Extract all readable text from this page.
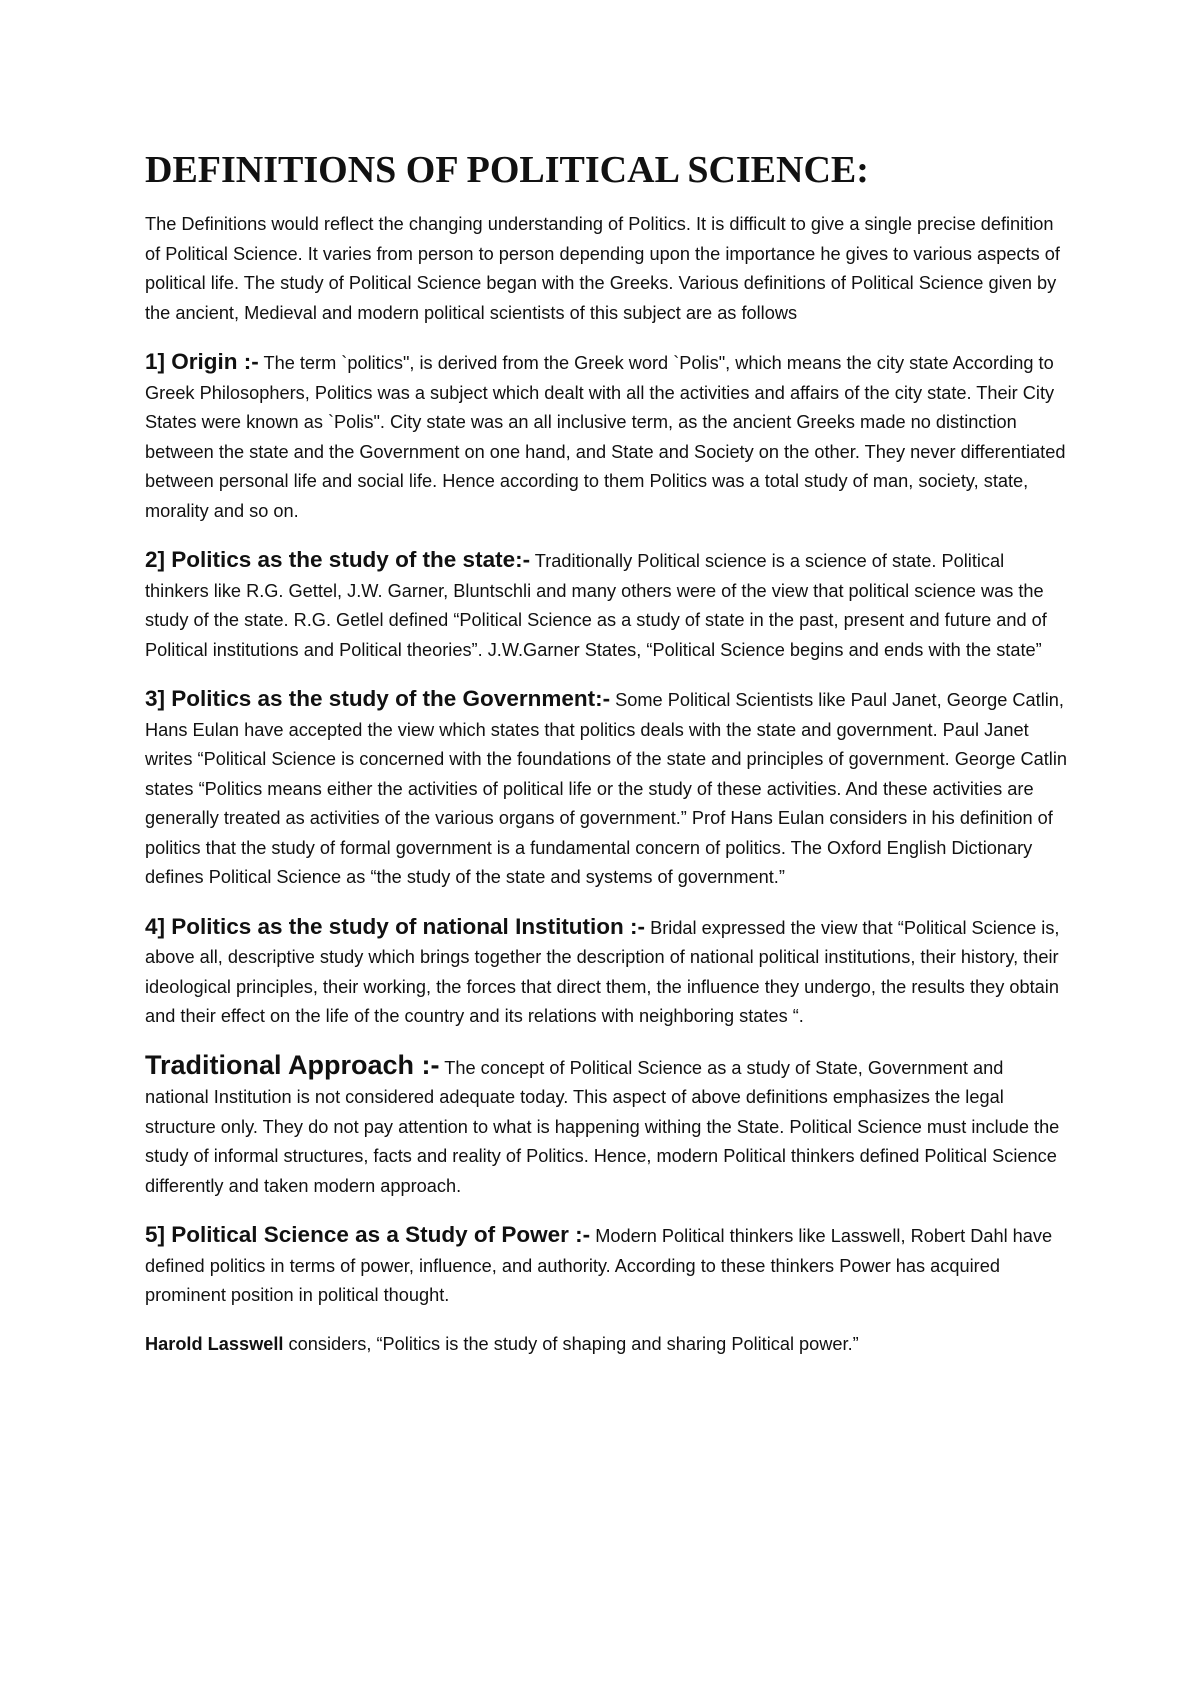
DEFINITIONS OF POLITICAL SCIENCE:

The Definitions would reflect the changing understanding of Politics. It is difficult to give a single precise definition of Political Science. It varies from person to person depending upon the importance he gives to various aspects of political life. The study of Political Science began with the Greeks. Various definitions of Political Science given by the ancient, Medieval and modern political scientists of this subject are as follows

1] Origin :- The term `politics", is derived from the Greek word `Polis", which means the city state According to Greek Philosophers, Politics was a subject which dealt with all the activities and affairs of the city state. Their City States were known as `Polis". City state was an all inclusive term, as the ancient Greeks made no distinction between the state and the Government on one hand, and State and Society on the other. They never differentiated between personal life and social life. Hence according to them Politics was a total study of man, society, state, morality and so on.

2] Politics as the study of the state:- Traditionally Political science is a science of state. Political thinkers like R.G. Gettel, J.W. Garner, Bluntschli and many others were of the view that political science was the study of the state. R.G. Getlel defined “Political Science as a study of state in the past, present and future and of Political institutions and Political theories”. J.W.Garner States, “Political Science begins and ends with the state”

3] Politics as the study of the Government:- Some Political Scientists like Paul Janet, George Catlin, Hans Eulan have accepted the view which states that politics deals with the state and government. Paul Janet writes “Political Science is concerned with the foundations of the state and principles of government. George Catlin states “Politics means either the activities of political life or the study of these activities. And these activities are generally treated as activities of the various organs of government.” Prof Hans Eulan considers in his definition of politics that the study of formal government is a fundamental concern of politics. The Oxford English Dictionary defines Political Science as “the study of the state and systems of government.”

4] Politics as the study of national Institution :- Bridal expressed the view that “Political Science is, above all, descriptive study which brings together the description of national political institutions, their history, their ideological principles, their working, the forces that direct them, the influence they undergo, the results they obtain and their effect on the life of the country and its relations with neighboring states “.

Traditional Approach :- The concept of Political Science as a study of State, Government and national Institution is not considered adequate today. This aspect of above definitions emphasizes the legal structure only. They do not pay attention to what is happening withing the State. Political Science must include the study of informal structures, facts and reality of Politics. Hence, modern Political thinkers defined Political Science differently and taken modern approach.

5] Political Science as a Study of Power :- Modern Political thinkers like Lasswell, Robert Dahl have defined politics in terms of power, influence, and authority. According to these thinkers Power has acquired prominent position in political thought.

Harold Lasswell considers, “Politics is the study of shaping and sharing Political power.”
